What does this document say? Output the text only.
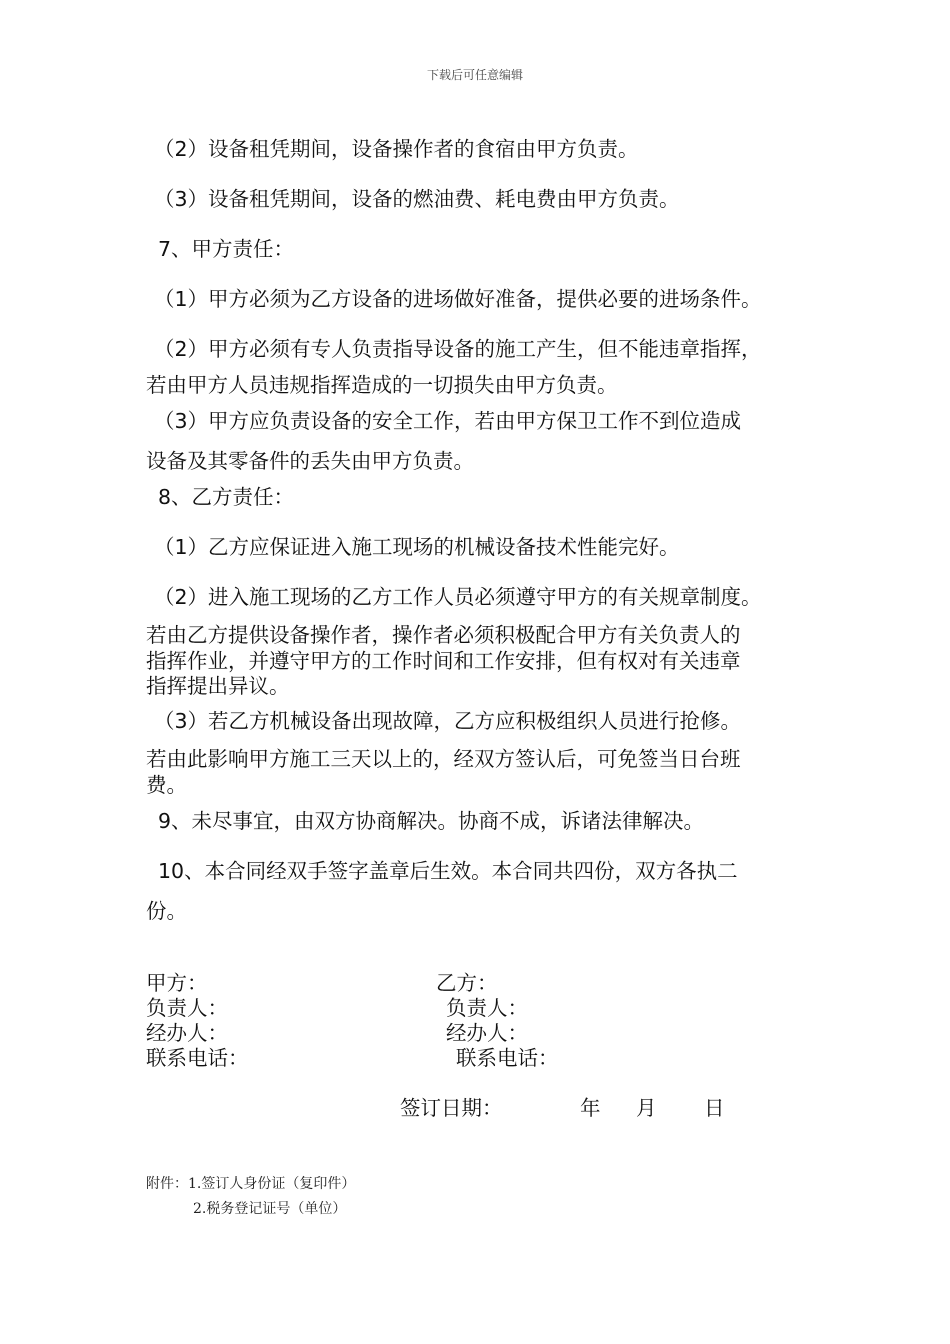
下载后可任意编辑
（2）设备租凭期间，设备操作者的食宿由甲方负责。
（3）设备租凭期间，设备的燃油费、耗电费由甲方负责。
7、甲方责任：
（1）甲方必须为乙方设备的进场做好准备，提供必要的进场条件。
（2）甲方必须有专人负责指导设备的施工产生，但不能违章指挥，
若由甲方人员违规指挥造成的一切损失由甲方负责。
（3）甲方应负责设备的安全工作，若由甲方保卫工作不到位造成
设备及其零备件的丢失由甲方负责。
8、乙方责任：
（1）乙方应保证进入施工现场的机械设备技术性能完好。
（2）进入施工现场的乙方工作人员必须遵守甲方的有关规章制度。
若由乙方提供设备操作者，操作者必须积极配合甲方有关负责人的
指挥作业，并遵守甲方的工作时间和工作安排，但有权对有关违章
指挥提出异议。
（3）若乙方机械设备出现故障，乙方应积极组织人员进行抢修。
若由此影响甲方施工三天以上的，经双方签认后，可免签当日台班
费。
9、未尽事宜，由双方协商解决。协商不成，诉诸法律解决。
10、本合同经双手签字盖章后生效。本合同共四份，双方各执二
份。
甲方：	乙方：
负责人：	负责人：
经办人：	经办人：
联系电话：	联系电话：
签订日期：	年 月 日
附件：1.签订人身份证（复印件）
2.税务登记证号（单位）
